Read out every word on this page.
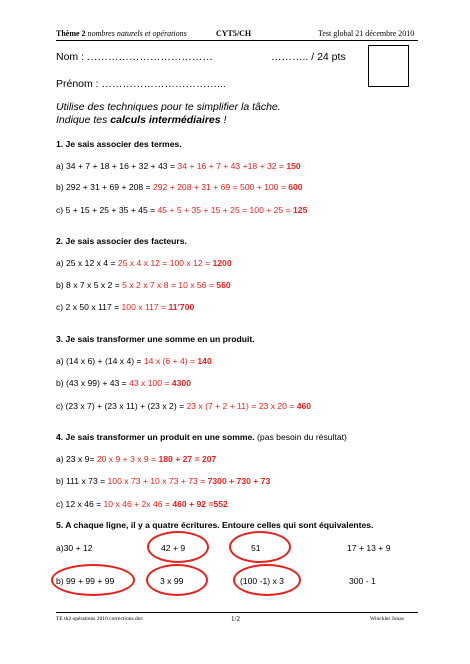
Thème 2 nombres naturels et opérations	CYT5/CH	Test global 21 décembre 2010
Nom : ………………………………	……….. / 24 pts
Prénom : ……………………………...
Utilise des techniques pour te simplifier la tâche.
Indique tes calculs intermédiaires !
1. Je sais associer des termes.
a) 34 + 7 + 18 + 16 + 32 + 43 = 34 + 16 + 7 + 43 +18 + 32 = 150
b) 292 + 31 + 69 + 208 = 292 + 208 + 31 + 69 = 500 + 100 = 600
c) 5 + 15 + 25 + 35 + 45 = 45 + 5 + 35 + 15 + 25 = 100 + 25 = 125
2. Je sais associer des facteurs.
a) 25 x 12 x 4 = 25 x 4 x 12 = 100 x 12 = 1200
b) 8 x 7 x 5 x 2 = 5 x 2 x 7 x 8 = 10 x 56 = 560
c) 2 x 50 x 117 = 100 x 117 = 11’700
3. Je sais transformer une somme en un produit.
a) (14 x 6) + (14 x 4) = 14 x (6 + 4) = 140
b) (43 x 99) + 43 = 43 x 100 = 4300
c) (23 x 7) + (23 x 11) + (23 x 2) = 23 x (7 + 2 + 11) = 23 x 20 = 460
4. Je sais transformer un produit en une somme. (pas besoin du résultat)
a) 23 x 9= 20 x 9 + 3 x 9 = 180 + 27 = 207
b) 111 x 73 = 100 x 73 + 10 x 73 + 73 = 7300 + 730 + 73
c) 12 x 46 = 10 x 46 + 2x 46 = 460 + 92 =552
5. A chaque ligne, il y a quatre écritures. Entoure celles qui sont équivalentes.
a)30 + 12	42 + 9	51	17 + 13 + 9
b) 99 + 99 + 99	3 x 99	(100 -1) x 3	300 - 1
TE th2 opérations 2010 corrections.doc	1/2	Winckler Jonas
